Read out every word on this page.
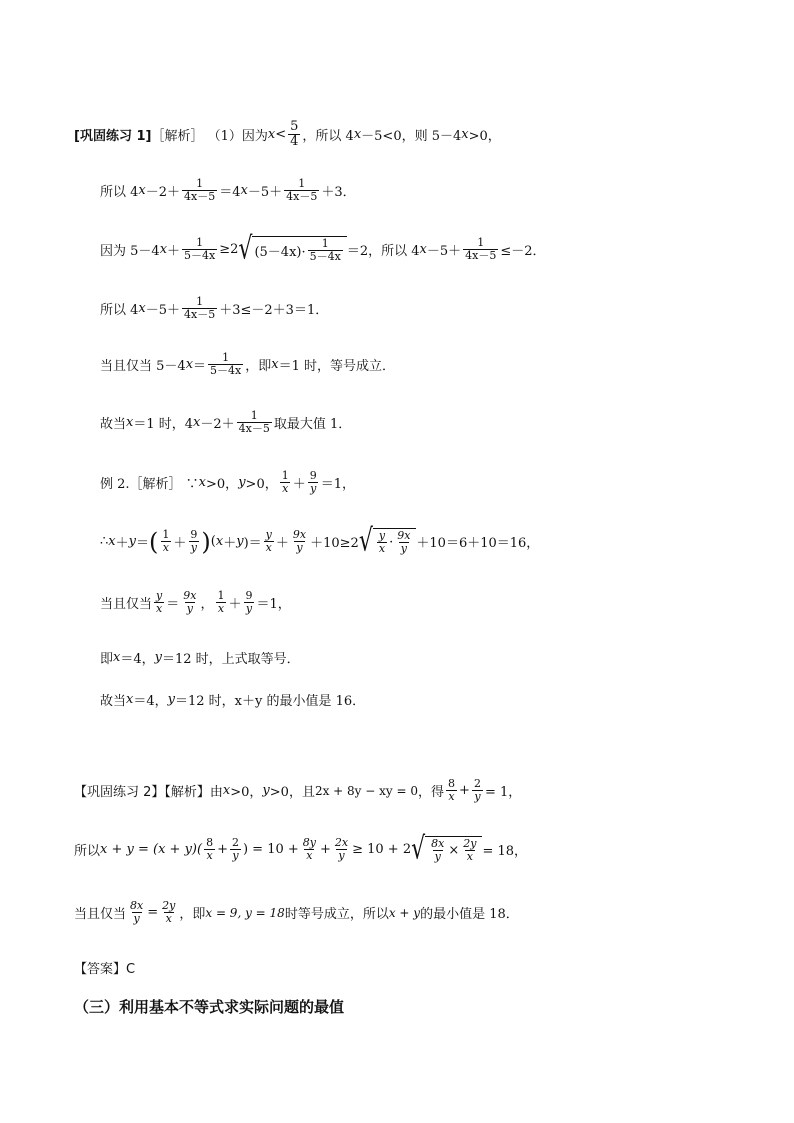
[巩固练习 1] ［解析］ （1）因为 $x < \frac{5}{4}$ ，所以 4 x －5<0，则 5－4 x >0，
所以 4 $x -2+ \frac{1}{4x-5} =4$ $x -5+ \frac{1}{4x-5} +3$．
因为 5－4 $x + \frac{1}{5-4x} \ge 2$ √ $(5-4x)\cdot \frac{1}{5-4x} =2$，所以 4 $x -5+ \frac{1}{4x-5} \le-2$．
所以 4 $x -5+ \frac{1}{4x-5} +3\le-2+3=1$．
当且仅当 5－4 $x = \frac{1}{5-4x}$ ，即 x ＝1 时，等号成立．
故当 x ＝1 时，4 $x -2+ \frac{1}{4x-5}$ 取最大值 1．
例 2.［解析］ ∵ x >0， y >0， $\frac{1}{x} + \frac{9}{y} =1$，
∴ x ＋ y ＝ ( $\frac{1}{x} + \frac{9}{y}$ ) ( x ＋ y )＝ $\frac{y}{x} + \frac{9x}{y} +10\ge 2$ √ $\frac{y}{x} \cdot \frac{9x}{y} +10=6+10=16$，
当且仅当 $\frac{y}{x} = \frac{9x}{y}$ ， $\frac{1}{x} + \frac{9}{y} =1$，
即 x ＝4， y ＝12 时，上式取等号．
故当 x ＝4， y ＝12 时，x＋y 的最小值是 16．
【巩固练习 2】【解析】由 x >0， y >0，且 2x + 8y − xy = 0 ，得 $\frac{8}{x} + \frac{2}{y} = 1$，
所以 $x + y = (x + y)( \frac{8}{x} + \frac{2}{y}$ ) = $10 + \frac{8y}{x} + \frac{2x}{y} \ge 10 + 2$ √ $\frac{8x}{y} \times \frac{2y}{x} = 18$，
当且仅当 $\frac{8x}{y} = \frac{2y}{x}$ ，即 x = 9, y = 18 时等号成立，所以 x + y 的最小值是 18．
【答案】C
（三）利用基本不等式求实际问题的最值
